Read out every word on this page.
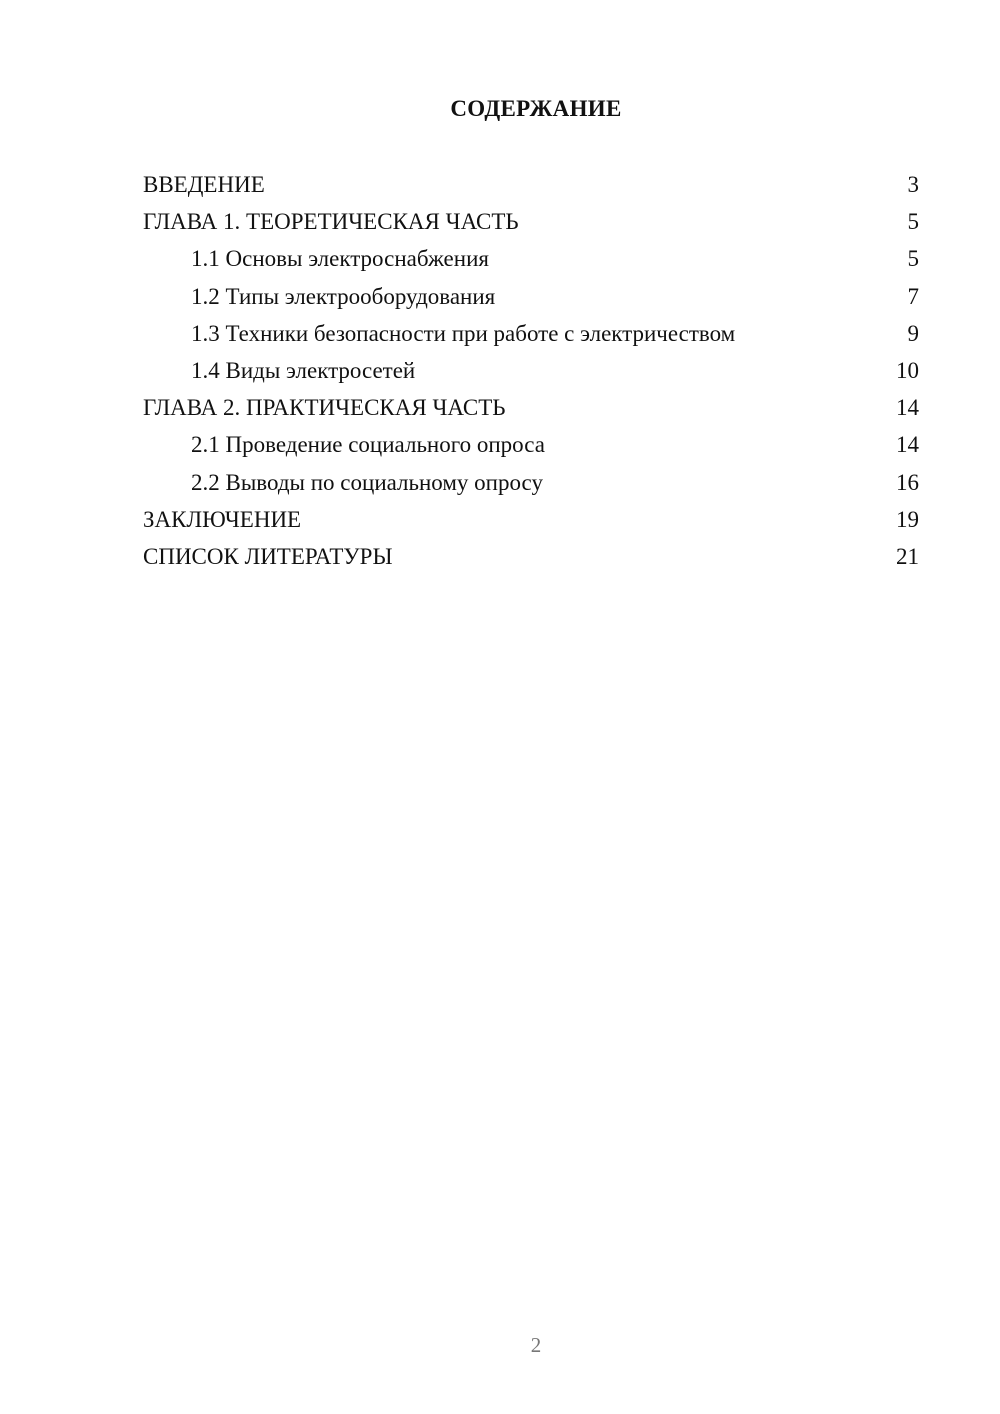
СОДЕРЖАНИЕ
ВВЕДЕНИЕ	3
ГЛАВА 1. ТЕОРЕТИЧЕСКАЯ ЧАСТЬ	5
1.1 Основы электроснабжения	5
1.2 Типы электрооборудования	7
1.3 Техники безопасности при работе с электричеством	9
1.4 Виды электросетей	10
ГЛАВА 2. ПРАКТИЧЕСКАЯ ЧАСТЬ	14
2.1 Проведение социального опроса	14
2.2 Выводы по социальному опросу	16
ЗАКЛЮЧЕНИЕ	19
СПИСОК ЛИТЕРАТУРЫ	21
2
